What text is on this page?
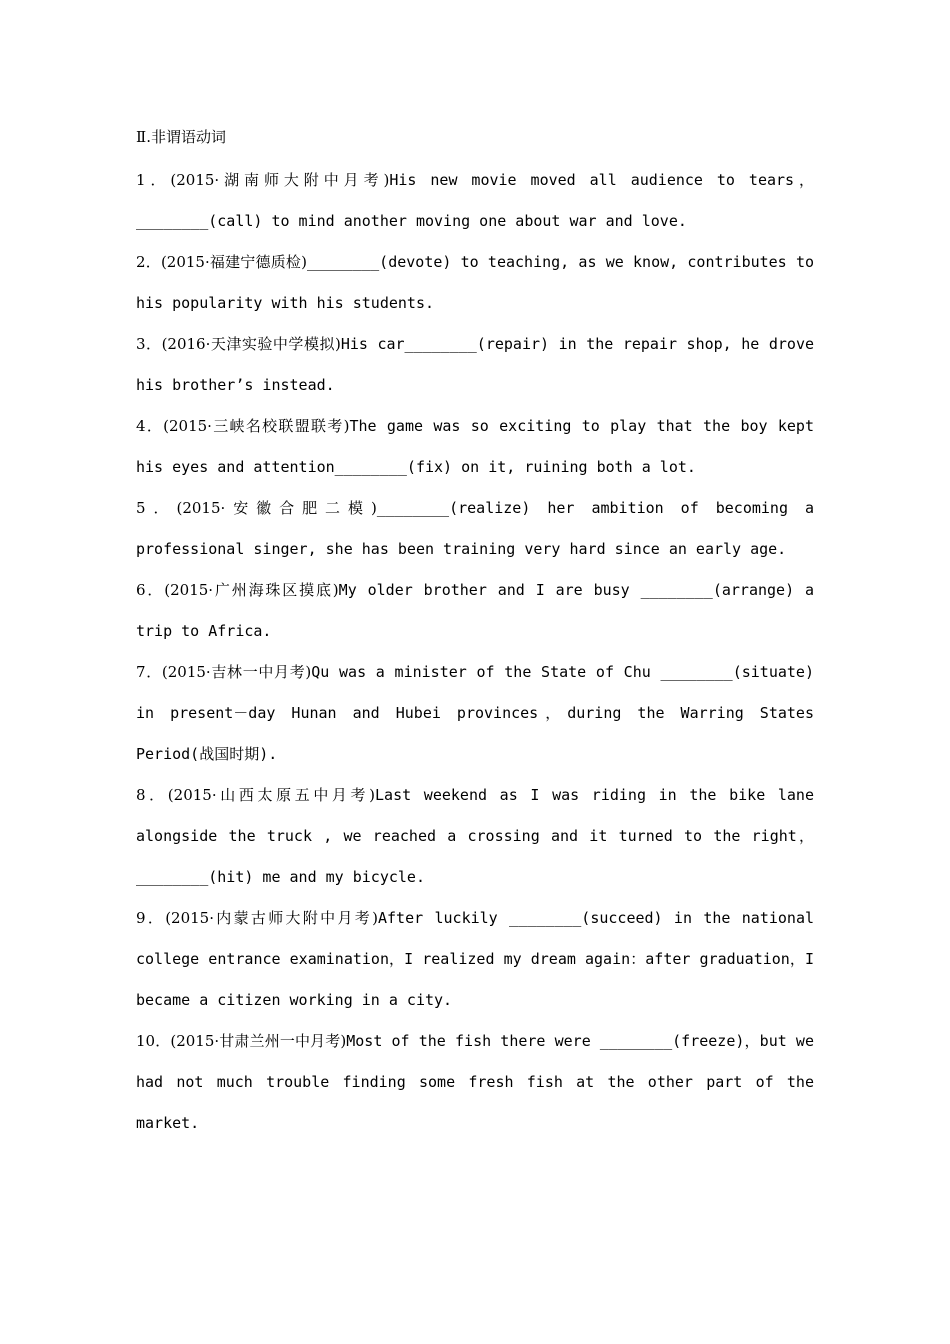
Ⅱ.非谓语动词

1．(2015·湖南师大附中月考)His new movie moved all audience to tears，________(call) to mind another moving one about war and love.

2．(2015·福建宁德质检)________(devote) to teaching, as we know, contributes to his popularity with his students.

3．(2016·天津实验中学模拟)His car________(repair) in the repair shop, he drove his brother’s instead.

4．(2015·三峡名校联盟联考)The game was so exciting to play that the boy kept his eyes and attention________(fix) on it, ruining both a lot.

5．(2015·安徽合肥二模)________(realize) her ambition of becoming a professional singer, she has been training very hard since an early age.

6．(2015·广州海珠区摸底)My older brother and I are busy ________(arrange) a trip to Africa.

7．(2015·吉林一中月考)Qu was a minister of the State of Chu ________(situate) in present－day Hunan and Hubei provinces，during the Warring States Period(战国时期).

8．(2015·山西太原五中月考)Last weekend as I was riding in the bike lane alongside the truck , we reached a crossing and it turned to the right，________(hit) me and my bicycle.

9．(2015·内蒙古师大附中月考)After luckily ________(succeed) in the national college entrance examination，I realized my dream again：after graduation，I became a citizen working in a city.

10．(2015·甘肃兰州一中月考)Most of the fish there were ________(freeze)，but we had not much trouble finding some fresh fish at the other part of the market.
